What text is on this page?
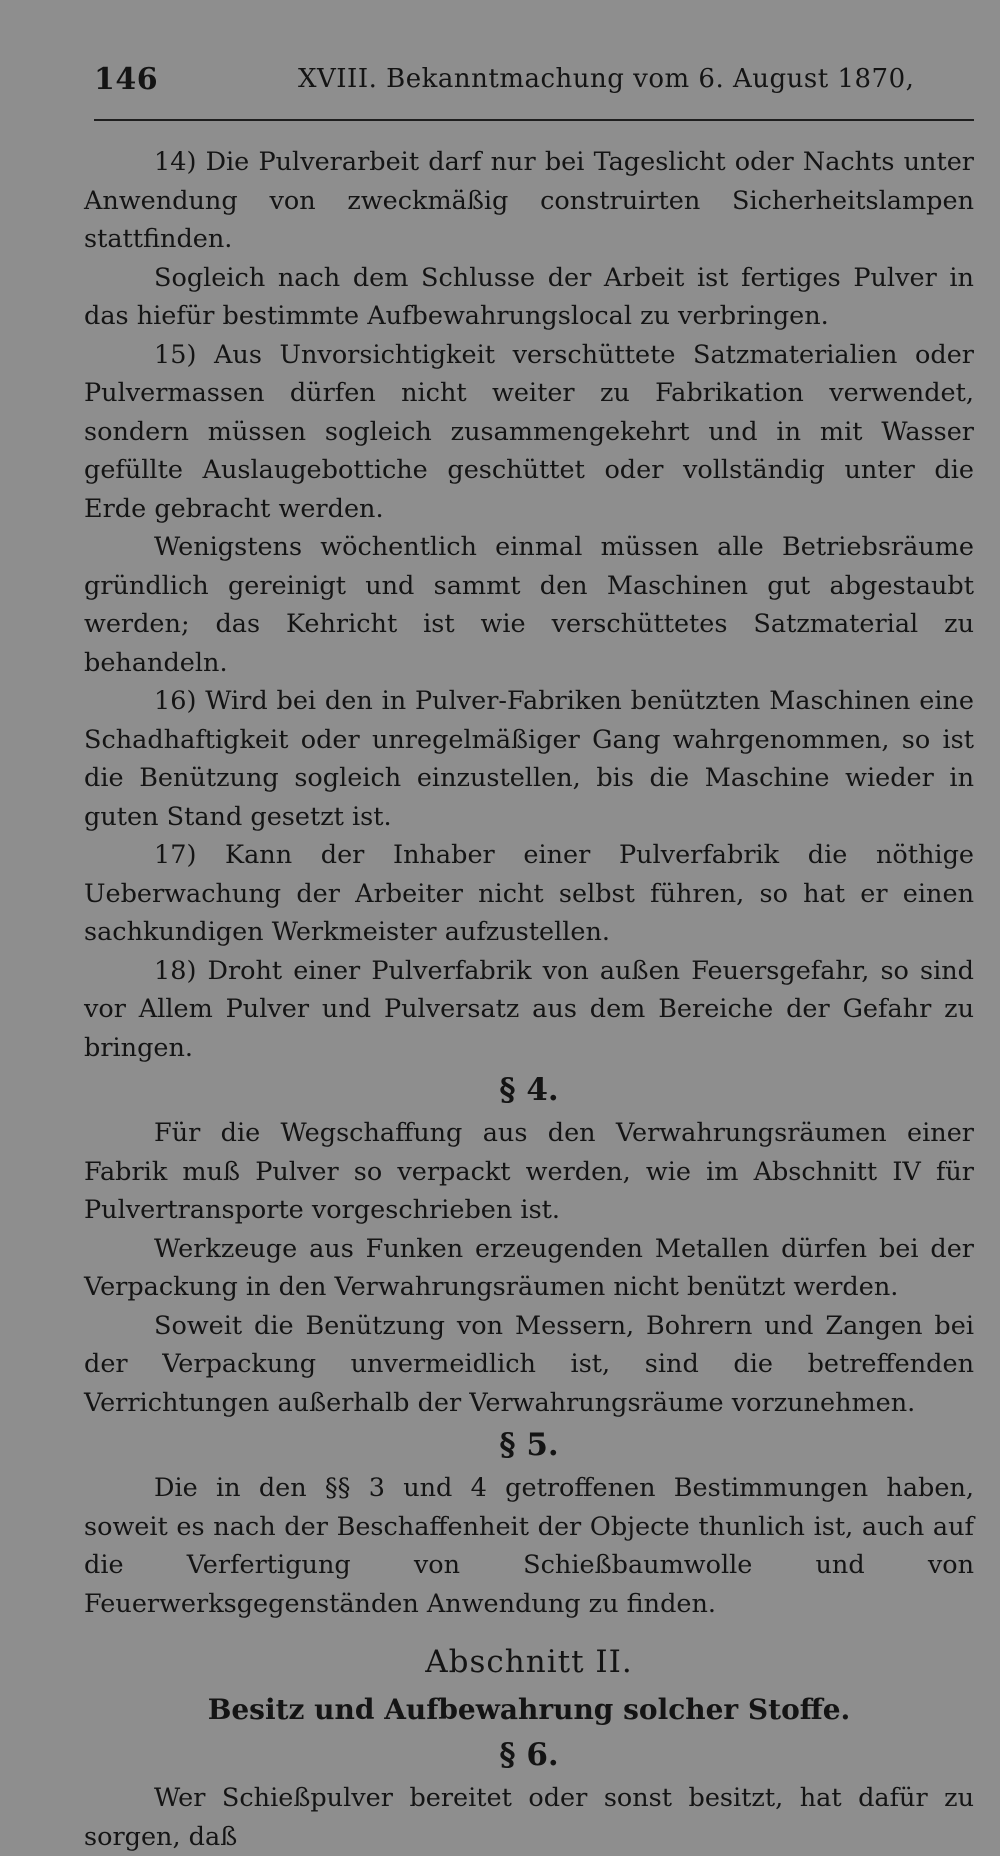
146	XVIII. Bekanntmachung vom 6. August 1870,

14) Die Pulverarbeit darf nur bei Tageslicht oder Nachts unter Anwendung von zweckmäßig construirten Sicherheitslampen stattfinden.

Sogleich nach dem Schlusse der Arbeit ist fertiges Pulver in das hiefür bestimmte Aufbewahrungslocal zu verbringen.

15) Aus Unvorsichtigkeit verschüttete Satzmaterialien oder Pulvermassen dürfen nicht weiter zu Fabrikation verwendet, sondern müssen sogleich zusammengekehrt und in mit Wasser gefüllte Auslaugebottiche geschüttet oder vollständig unter die Erde gebracht werden.

Wenigstens wöchentlich einmal müssen alle Betriebsräume gründlich gereinigt und sammt den Maschinen gut abgestaubt werden; das Kehricht ist wie verschüttetes Satzmaterial zu behandeln.

16) Wird bei den in Pulver-Fabriken benützten Maschinen eine Schadhaftigkeit oder unregelmäßiger Gang wahrgenommen, so ist die Benützung sogleich einzustellen, bis die Maschine wieder in guten Stand gesetzt ist.

17) Kann der Inhaber einer Pulverfabrik die nöthige Ueberwachung der Arbeiter nicht selbst führen, so hat er einen sachkundigen Werkmeister aufzustellen.

18) Droht einer Pulverfabrik von außen Feuersgefahr, so sind vor Allem Pulver und Pulversatz aus dem Bereiche der Gefahr zu bringen.

§ 4.

Für die Wegschaffung aus den Verwahrungsräumen einer Fabrik muß Pulver so verpackt werden, wie im Abschnitt IV für Pulvertransporte vorgeschrieben ist.

Werkzeuge aus Funken erzeugenden Metallen dürfen bei der Verpackung in den Verwahrungsräumen nicht benützt werden.

Soweit die Benützung von Messern, Bohrern und Zangen bei der Verpackung unvermeidlich ist, sind die betreffenden Verrichtungen außerhalb der Verwahrungsräume vorzunehmen.

§ 5.

Die in den §§ 3 und 4 getroffenen Bestimmungen haben, soweit es nach der Beschaffenheit der Objecte thunlich ist, auch auf die Verfertigung von Schießbaumwolle und von Feuerwerksgegenständen Anwendung zu finden.

Abschnitt II.
Besitz und Aufbewahrung solcher Stoffe.
§ 6.

Wer Schießpulver bereitet oder sonst besitzt, hat dafür zu sorgen, daß
